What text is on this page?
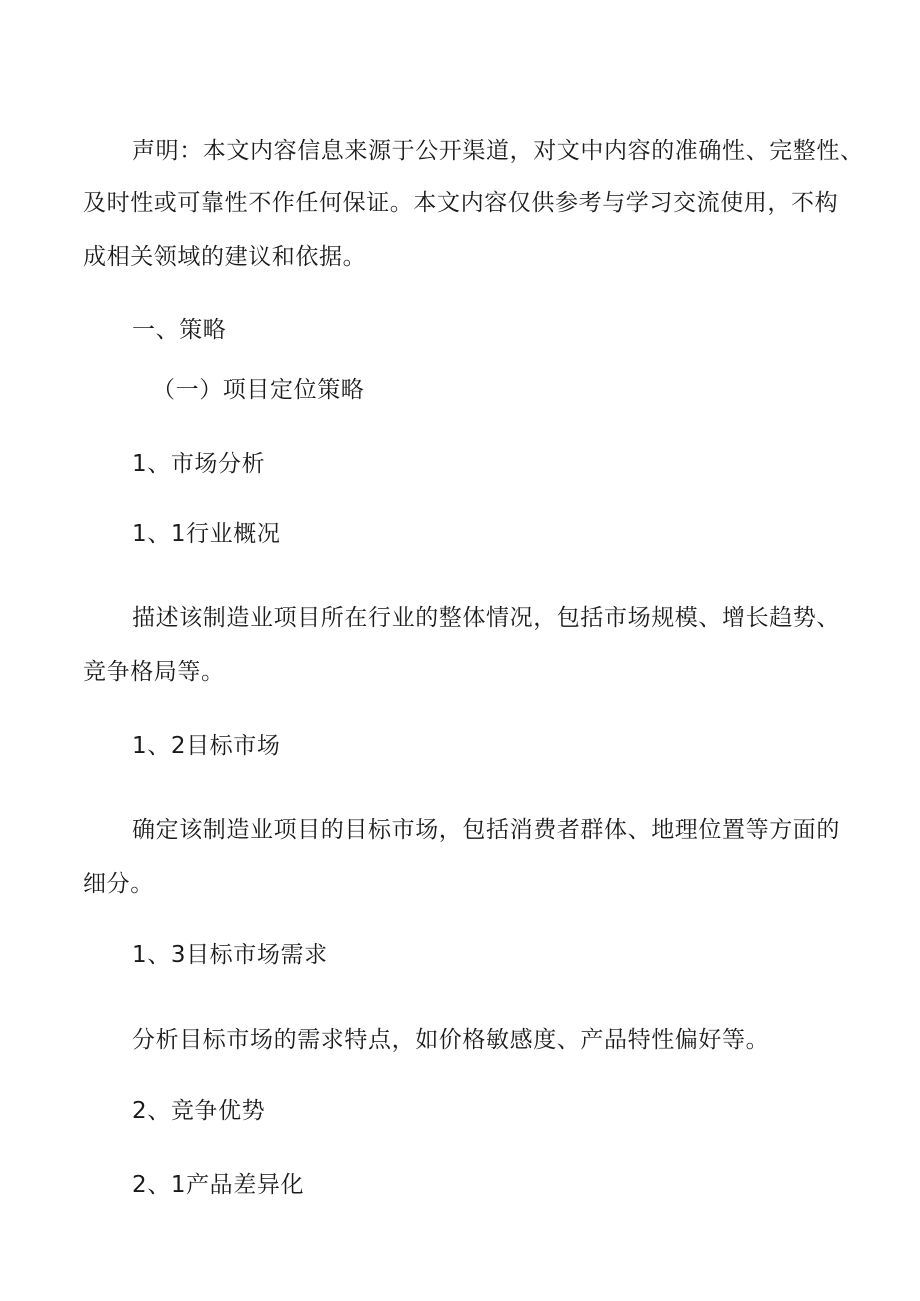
声明：本文内容信息来源于公开渠道，对文中内容的准确性、完整性、

及时性或可靠性不作任何保证。本文内容仅供参考与学习交流使用，不构

成相关领域的建议和依据。

一、策略

（一）项目定位策略

1、市场分析

1、1行业概况

描述该制造业项目所在行业的整体情况，包括市场规模、增长趋势、

竞争格局等。

1、2目标市场

确定该制造业项目的目标市场，包括消费者群体、地理位置等方面的

细分。

1、3目标市场需求

分析目标市场的需求特点，如价格敏感度、产品特性偏好等。

2、竞争优势

2、1产品差异化
